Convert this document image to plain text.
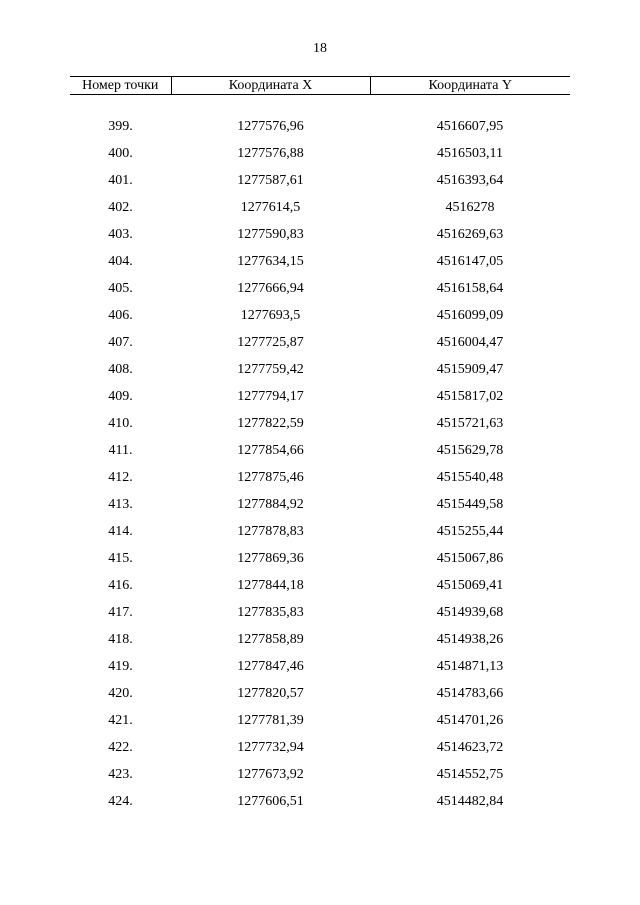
18
Номер точки	Координата X	Координата Y

399.	1277576,96	4516607,95
400.	1277576,88	4516503,11
401.	1277587,61	4516393,64
402.	1277614,5	4516278
403.	1277590,83	4516269,63
404.	1277634,15	4516147,05
405.	1277666,94	4516158,64
406.	1277693,5	4516099,09
407.	1277725,87	4516004,47
408.	1277759,42	4515909,47
409.	1277794,17	4515817,02
410.	1277822,59	4515721,63
411.	1277854,66	4515629,78
412.	1277875,46	4515540,48
413.	1277884,92	4515449,58
414.	1277878,83	4515255,44
415.	1277869,36	4515067,86
416.	1277844,18	4515069,41
417.	1277835,83	4514939,68
418.	1277858,89	4514938,26
419.	1277847,46	4514871,13
420.	1277820,57	4514783,66
421.	1277781,39	4514701,26
422.	1277732,94	4514623,72
423.	1277673,92	4514552,75
424.	1277606,51	4514482,84
